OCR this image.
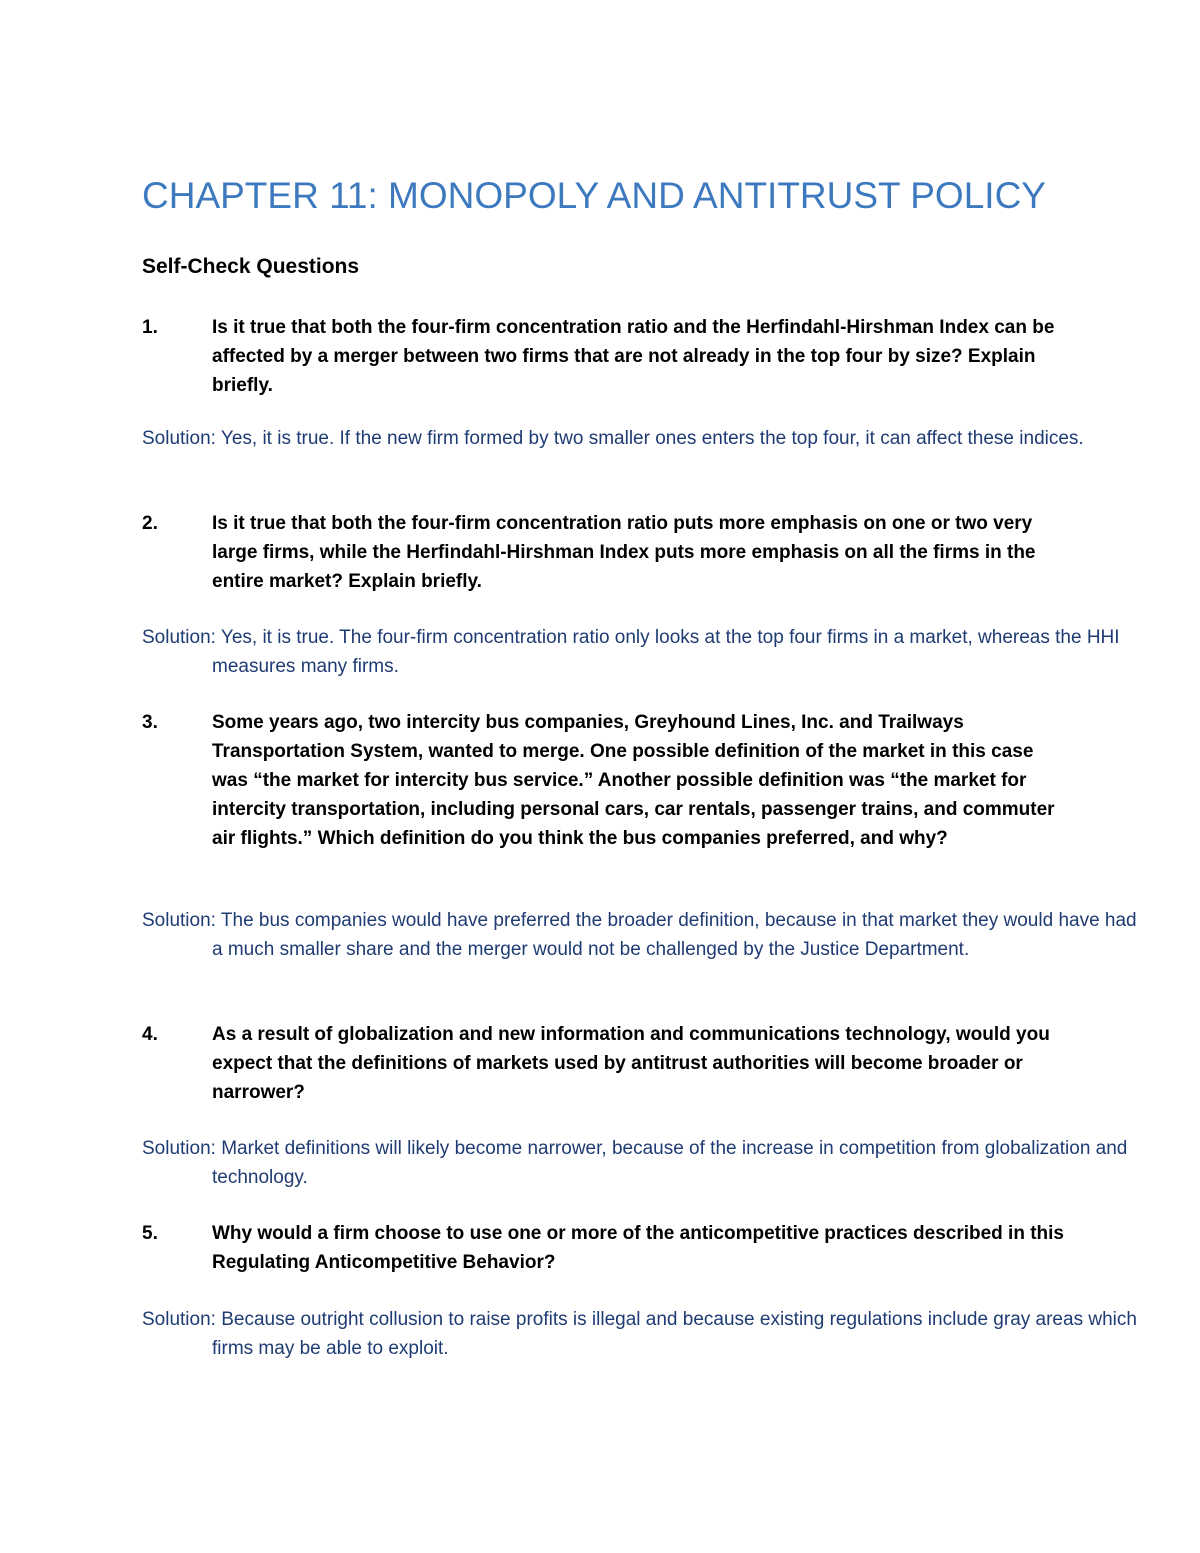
CHAPTER 11: MONOPOLY AND ANTITRUST POLICY
Self-Check Questions
1.	Is it true that both the four-firm concentration ratio and the Herfindahl-Hirshman Index can be affected by a merger between two firms that are not already in the top four by size? Explain briefly.

Solution: Yes, it is true. If the new firm formed by two smaller ones enters the top four, it can affect these indices.

2.	Is it true that both the four-firm concentration ratio puts more emphasis on one or two very large firms, while the Herfindahl-Hirshman Index puts more emphasis on all the firms in the entire market? Explain briefly.

Solution: Yes, it is true. The four-firm concentration ratio only looks at the top four firms in a market, whereas the HHI measures many firms.

3.	Some years ago, two intercity bus companies, Greyhound Lines, Inc. and Trailways Transportation System, wanted to merge. One possible definition of the market in this case was “the market for intercity bus service.” Another possible definition was “the market for intercity transportation, including personal cars, car rentals, passenger trains, and commuter air flights.” Which definition do you think the bus companies preferred, and why?

Solution: The bus companies would have preferred the broader definition, because in that market they would have had a much smaller share and the merger would not be challenged by the Justice Department.

4.	As a result of globalization and new information and communications technology, would you expect that the definitions of markets used by antitrust authorities will become broader or narrower?

Solution: Market definitions will likely become narrower, because of the increase in competition from globalization and technology.

5.	Why would a firm choose to use one or more of the anticompetitive practices described in this Regulating Anticompetitive Behavior?

Solution: Because outright collusion to raise profits is illegal and because existing regulations include gray areas which firms may be able to exploit.
